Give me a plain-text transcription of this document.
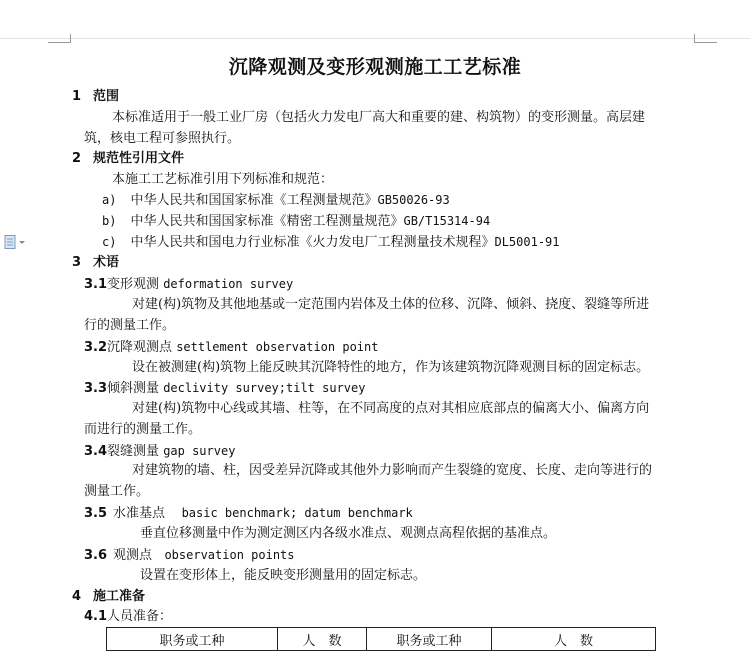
沉降观测及变形观测施工工艺标准
1 范围
本标准适用于一般工业厂房（包括火力发电厂高大和重要的建、构筑物）的变形测量。高层建
筑，核电工程可参照执行。
2 规范性引用文件
本施工工艺标准引用下列标准和规范：
a) 中华人民共和国国家标准《工程测量规范》GB50026-93
b) 中华人民共和国国家标准《精密工程测量规范》GB/T15314-94
c) 中华人民共和国电力行业标准《火力发电厂工程测量技术规程》DL5001-91
3 术语
3.1变形观测 deformation survey
对建(构)筑物及其他地基或一定范围内岩体及土体的位移、沉降、倾斜、挠度、裂缝等所进
行的测量工作。
3.2沉降观测点 settlement observation point
设在被测建(构)筑物上能反映其沉降特性的地方，作为该建筑物沉降观测目标的固定标志。
3.3倾斜测量 declivity survey;tilt survey
对建(构)筑物中心线或其墙、柱等，在不同高度的点对其相应底部点的偏离大小、偏离方向
而进行的测量工作。
3.4裂缝测量 gap survey
对建筑物的墙、柱，因受差异沉降或其他外力影响而产生裂缝的宽度、长度、走向等进行的
测量工作。
3.5 水准基点 basic benchmark; datum benchmark
垂直位移测量中作为测定测区内各级水准点、观测点高程依据的基准点。
3.6 观测点 observation points
设置在变形体上，能反映变形测量用的固定标志。
4 施工准备
4.1人员准备：
职务或工种	人　数	职务或工种	人　数
